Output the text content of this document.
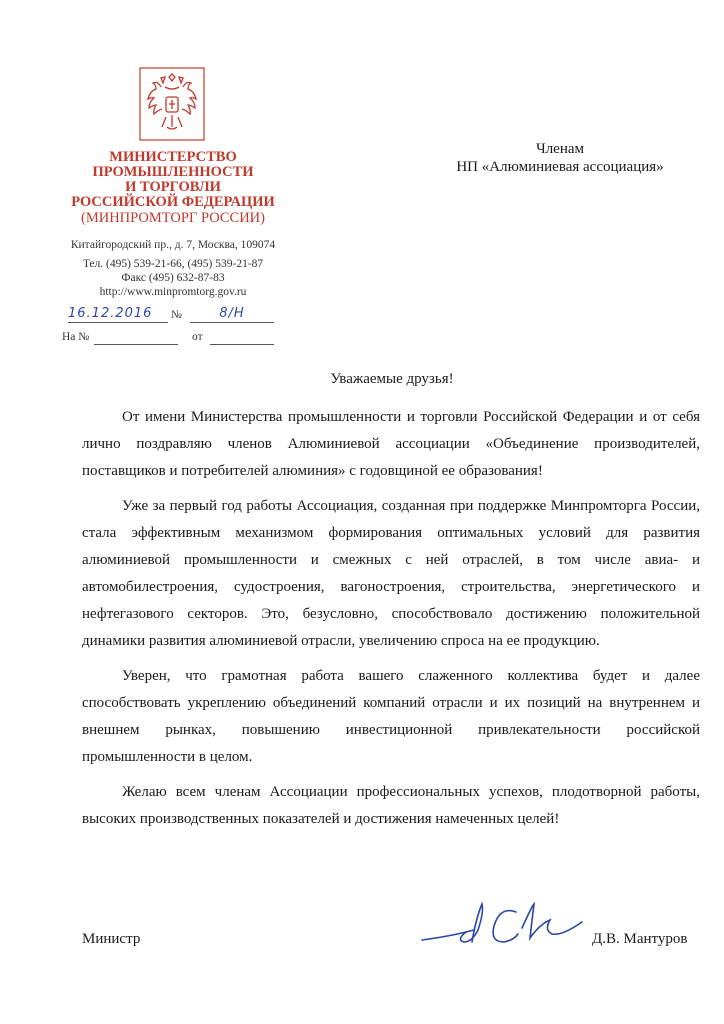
МИНИСТЕРСТВО
ПРОМЫШЛЕННОСТИ
И ТОРГОВЛИ
РОССИЙСКОЙ ФЕДЕРАЦИИ
(МИНПРОМТОРГ РОССИИ)
Китайгородский пр., д. 7, Москва, 109074
Тел. (495) 539-21-66, (495) 539-21-87
Факс (495) 632-87-83
http://www.minpromtorg.gov.ru
16.12.2016	№	8/Н
На №	от
Членам
НП «Алюминиевая ассоциация»
Уважаемые друзья!

От имени Министерства промышленности и торговли Российской Федерации и от себя лично поздравляю членов Алюминиевой ассоциации «Объединение производителей, поставщиков и потребителей алюминия» с годовщиной ее образования!

Уже за первый год работы Ассоциация, созданная при поддержке Минпромторга России, стала эффективным механизмом формирования оптимальных условий для развития алюминиевой промышленности и смежных с ней отраслей, в том числе авиа- и автомобилестроения, судостроения, вагоностроения, строительства, энергетического и нефтегазового секторов. Это, безусловно, способствовало достижению положительной динамики развития алюминиевой отрасли, увеличению спроса на ее продукцию.

Уверен, что грамотная работа вашего слаженного коллектива будет и далее способствовать укреплению объединений компаний отрасли и их позиций на внутреннем и внешнем рынках, повышению инвестиционной привлекательности российской промышленности в целом.

Желаю всем членам Ассоциации профессиональных успехов, плодотворной работы, высоких производственных показателей и достижения намеченных целей!

Министр	Д.В. Мантуров
